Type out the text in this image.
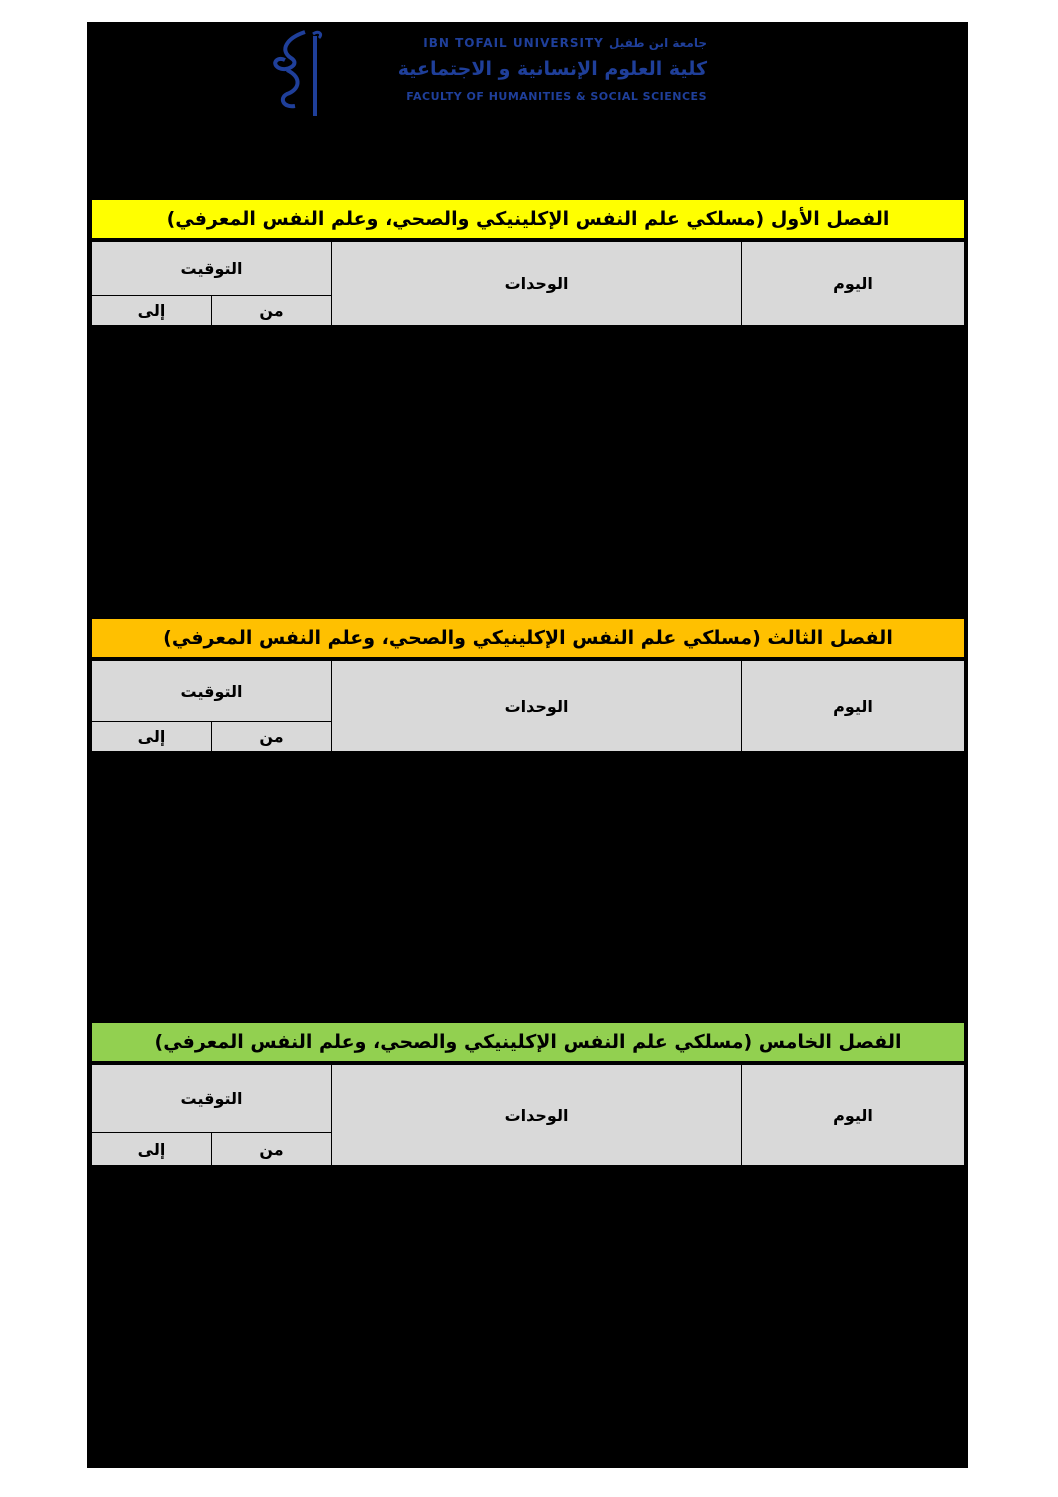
IBN TOFAIL UNIVERSITY جامعة ابن طفيل
كلية العلوم الإنسانية و الاجتماعية
FACULTY OF HUMANITIES & SOCIAL SCIENCES
الفصل الأول (مسلكي علم النفس الإكلينيكي والصحي، وعلم النفس المعرفي)
اليوم
الوحدات
التوقيت
من
إلى
الفصل الثالث (مسلكي علم النفس الإكلينيكي والصحي، وعلم النفس المعرفي)
اليوم
الوحدات
التوقيت
من
إلى
الفصل الخامس (مسلكي علم النفس الإكلينيكي والصحي، وعلم النفس المعرفي)
اليوم
الوحدات
التوقيت
من
إلى
